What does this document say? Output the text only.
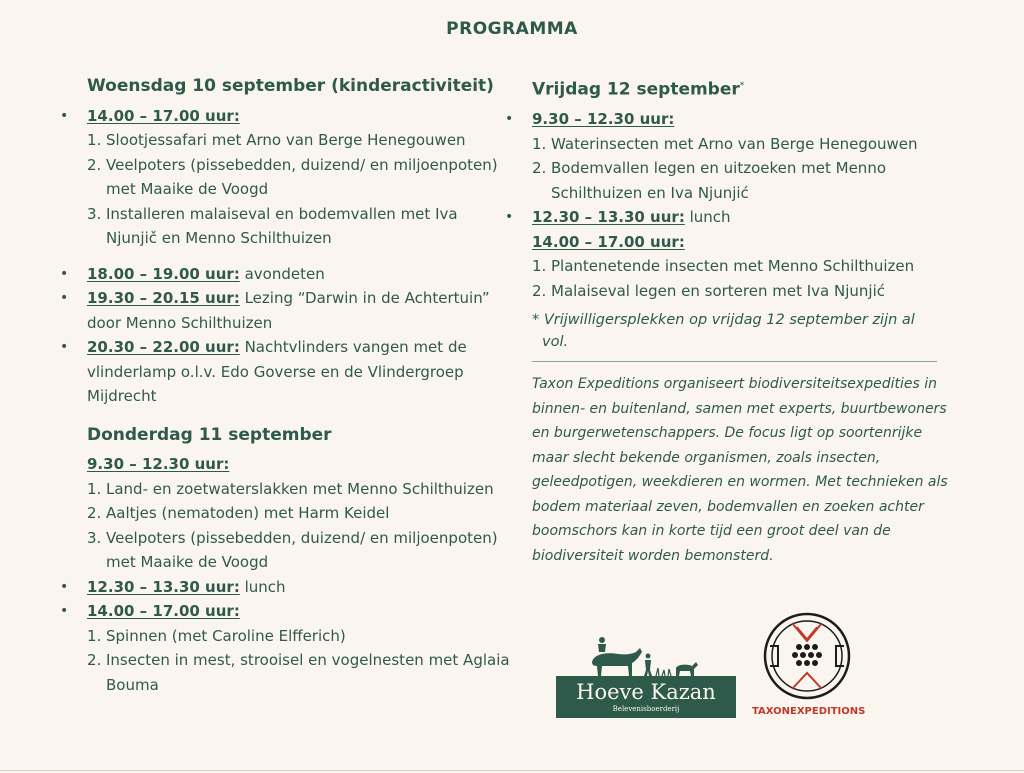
PROGRAMMA
Woensdag 10 september (kinderactiviteit)
• 14.00 – 17.00 uur:
1. Slootjessafari met Arno van Berge Henegouwen
2. Veelpoters (pissebedden, duizend/ en miljoenpoten) met Maaike de Voogd
3. Installeren malaiseval en bodemvallen met Iva Njunjič en Menno Schilthuizen
• 18.00 – 19.00 uur: avondeten
• 19.30 – 20.15 uur: Lezing “Darwin in de Achtertuin” door Menno Schilthuizen
• 20.30 – 22.00 uur: Nachtvlinders vangen met de vlinderlamp o.l.v. Edo Goverse en de Vlindergroep Mijdrecht
Donderdag 11 september
9.30 – 12.30 uur:
1. Land- en zoetwaterslakken met Menno Schilthuizen
2. Aaltjes (nematoden) met Harm Keidel
3. Veelpoters (pissebedden, duizend/ en miljoenpoten) met Maaike de Voogd
• 12.30 – 13.30 uur: lunch
• 14.00 – 17.00 uur:
1. Spinnen (met Caroline Elfferich)
2. Insecten in mest, strooisel en vogelnesten met Aglaia Bouma
Vrijdag 12 september*
• 9.30 – 12.30 uur:
1. Waterinsecten met Arno van Berge Henegouwen
2. Bodemvallen legen en uitzoeken met Menno Schilthuizen en Iva Njunjić
• 12.30 – 13.30 uur: lunch
14.00 – 17.00 uur:
1. Plantenetende insecten met Menno Schilthuizen
2. Malaiseval legen en sorteren met Iva Njunjić
* Vrijwilligersplekken op vrijdag 12 september zijn al vol.
Taxon Expeditions organiseert biodiversiteitsexpedities in binnen- en buitenland, samen met experts, buurtbewoners en burgerwetenschappers. De focus ligt op soortenrijke maar slecht bekende organismen, zoals insecten, geleedpotigen, weekdieren en wormen. Met technieken als bodem materiaal zeven, bodemvallen en zoeken achter boomschors kan in korte tijd een groot deel van de biodiversiteit worden bemonsterd.
Hoeve Kazan
Belevenisboerderij	TAXONEXPEDITIONS
